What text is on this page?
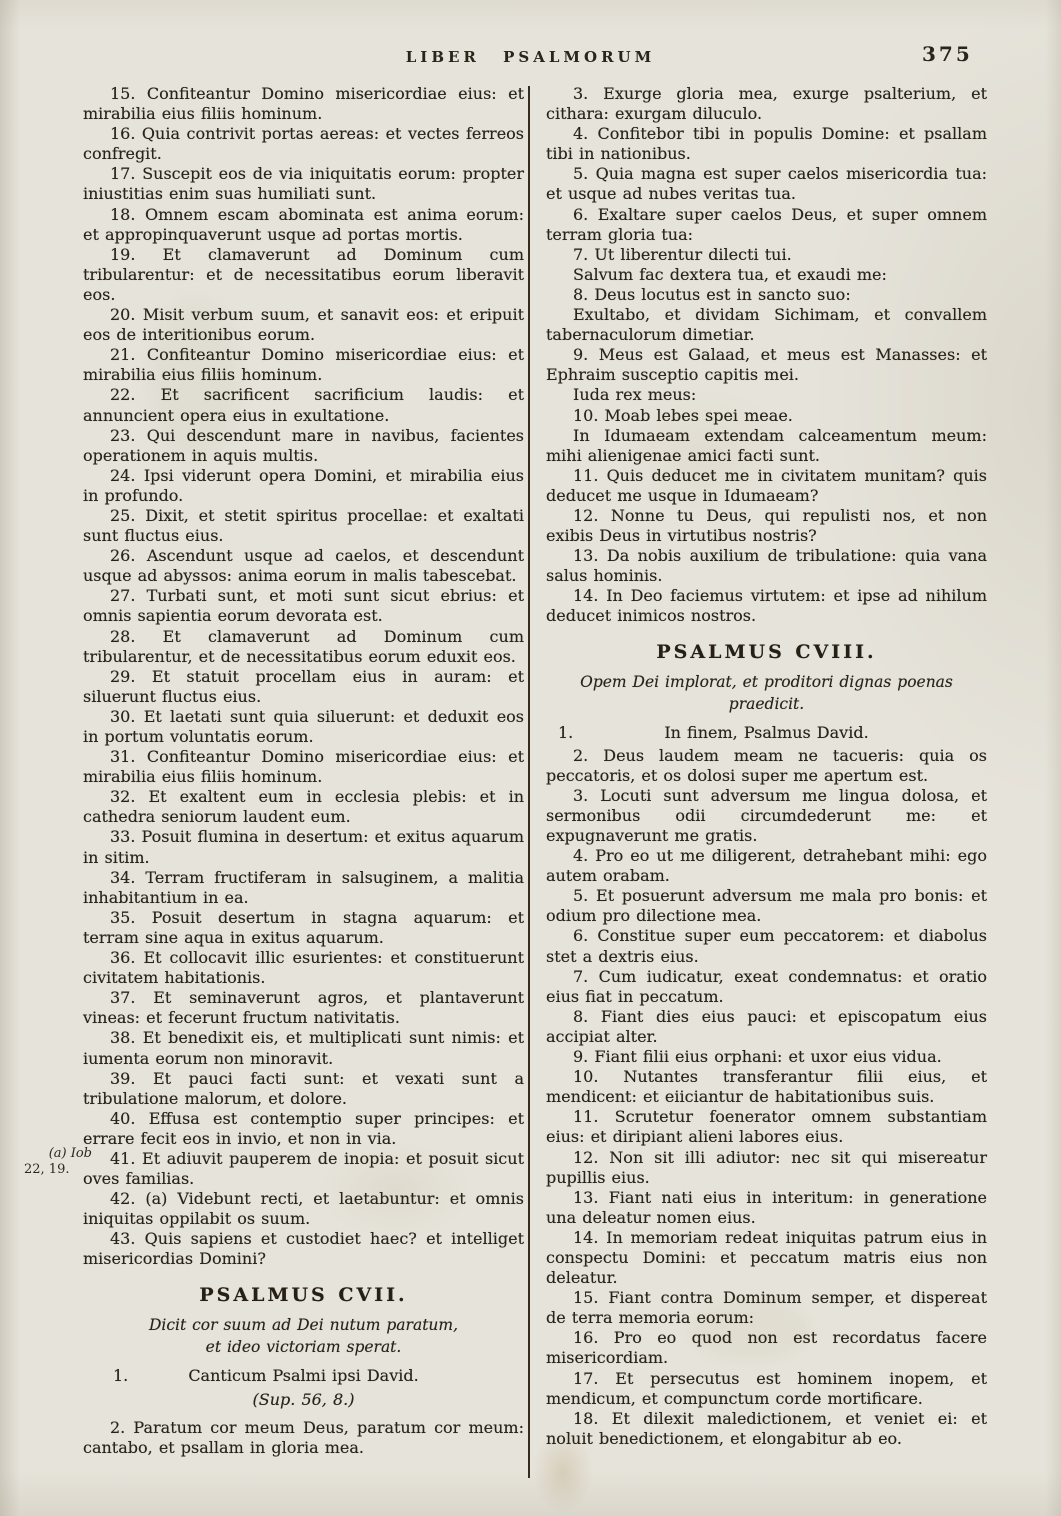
LIBER PSALMORUM	375

(a) Iob

22, 19.

15. Confiteantur Domino misericordiae eius: et mirabilia eius filiis hominum.

16. Quia contrivit portas aereas: et vectes ferreos confregit.

17. Suscepit eos de via iniquitatis eorum: propter iniustitias enim suas humiliati sunt.

18. Omnem escam abominata est anima eorum: et appropinquaverunt usque ad portas mortis.

19. Et clamaverunt ad Dominum cum tribularentur: et de necessitatibus eorum liberavit eos.

20. Misit verbum suum, et sanavit eos: et eripuit eos de interitionibus eorum.

21. Confiteantur Domino misericordiae eius: et mirabilia eius filiis hominum.

22. Et sacrificent sacrificium laudis: et annuncient opera eius in exultatione.

23. Qui descendunt mare in navibus, facientes operationem in aquis multis.

24. Ipsi viderunt opera Domini, et mirabilia eius in profundo.

25. Dixit, et stetit spiritus procellae: et exaltati sunt fluctus eius.

26. Ascendunt usque ad caelos, et descendunt usque ad abyssos: anima eorum in malis tabescebat.

27. Turbati sunt, et moti sunt sicut ebrius: et omnis sapientia eorum devorata est.

28. Et clamaverunt ad Dominum cum tribularentur, et de necessitatibus eorum eduxit eos.

29. Et statuit procellam eius in auram: et siluerunt fluctus eius.

30. Et laetati sunt quia siluerunt: et deduxit eos in portum voluntatis eorum.

31. Confiteantur Domino misericordiae eius: et mirabilia eius filiis hominum.

32. Et exaltent eum in ecclesia plebis: et in cathedra seniorum laudent eum.

33. Posuit flumina in desertum: et exitus aquarum in sitim.

34. Terram fructiferam in salsuginem, a malitia inhabitantium in ea.

35. Posuit desertum in stagna aquarum: et terram sine aqua in exitus aquarum.

36. Et collocavit illic esurientes: et constituerunt civitatem habitationis.

37. Et seminaverunt agros, et plantaverunt vineas: et fecerunt fructum nativitatis.

38. Et benedixit eis, et multiplicati sunt nimis: et iumenta eorum non minoravit.

39. Et pauci facti sunt: et vexati sunt a tribulatione malorum, et dolore.

40. Effusa est contemptio super principes: et errare fecit eos in invio, et non in via.

41. Et adiuvit pauperem de inopia: et posuit sicut oves familias.

42. (a) Videbunt recti, et laetabuntur: et omnis iniquitas oppilabit os suum.

43. Quis sapiens et custodiet haec? et intelliget misericordias Domini?

PSALMUS CVII.

Dicit cor suum ad Dei nutum paratum,
et ideo victoriam sperat.

1.	Canticum Psalmi ipsi David.

(Sup. 56, 8.)

2. Paratum cor meum Deus, paratum cor meum: cantabo, et psallam in gloria mea.

3. Exurge gloria mea, exurge psalterium, et cithara: exurgam diluculo.

4. Confitebor tibi in populis Domine: et psallam tibi in nationibus.

5. Quia magna est super caelos misericordia tua: et usque ad nubes veritas tua.

6. Exaltare super caelos Deus, et super omnem terram gloria tua:

7. Ut liberentur dilecti tui.

Salvum fac dextera tua, et exaudi me:

8. Deus locutus est in sancto suo:

Exultabo, et dividam Sichimam, et convallem tabernaculorum dimetiar.

9. Meus est Galaad, et meus est Manasses: et Ephraim susceptio capitis mei.

Iuda rex meus:

10. Moab lebes spei meae.

In Idumaeam extendam calceamentum meum: mihi alienigenae amici facti sunt.

11. Quis deducet me in civitatem munitam? quis deducet me usque in Idumaeam?

12. Nonne tu Deus, qui repulisti nos, et non exibis Deus in virtutibus nostris?

13. Da nobis auxilium de tribulatione: quia vana salus hominis.

14. In Deo faciemus virtutem: et ipse ad nihilum deducet inimicos nostros.

PSALMUS CVIII.

Opem Dei implorat, et proditori dignas poenas
praedicit.

1.	In finem, Psalmus David.

2. Deus laudem meam ne tacueris: quia os peccatoris, et os dolosi super me apertum est.

3. Locuti sunt adversum me lingua dolosa, et sermonibus odii circumdederunt me: et expugnaverunt me gratis.

4. Pro eo ut me diligerent, detrahebant mihi: ego autem orabam.

5. Et posuerunt adversum me mala pro bonis: et odium pro dilectione mea.

6. Constitue super eum peccatorem: et diabolus stet a dextris eius.

7. Cum iudicatur, exeat condemnatus: et oratio eius fiat in peccatum.

8. Fiant dies eius pauci: et episcopatum eius accipiat alter.

9. Fiant filii eius orphani: et uxor eius vidua.

10. Nutantes transferantur filii eius, et mendicent: et eiiciantur de habitationibus suis.

11. Scrutetur foenerator omnem substantiam eius: et diripiant alieni labores eius.

12. Non sit illi adiutor: nec sit qui misereatur pupillis eius.

13. Fiant nati eius in interitum: in generatione una deleatur nomen eius.

14. In memoriam redeat iniquitas patrum eius in conspectu Domini: et peccatum matris eius non deleatur.

15. Fiant contra Dominum semper, et dispereat de terra memoria eorum:

16. Pro eo quod non est recordatus facere misericordiam.

17. Et persecutus est hominem inopem, et mendicum, et compunctum corde mortificare.

18. Et dilexit maledictionem, et veniet ei: et noluit benedictionem, et elongabitur ab eo.
